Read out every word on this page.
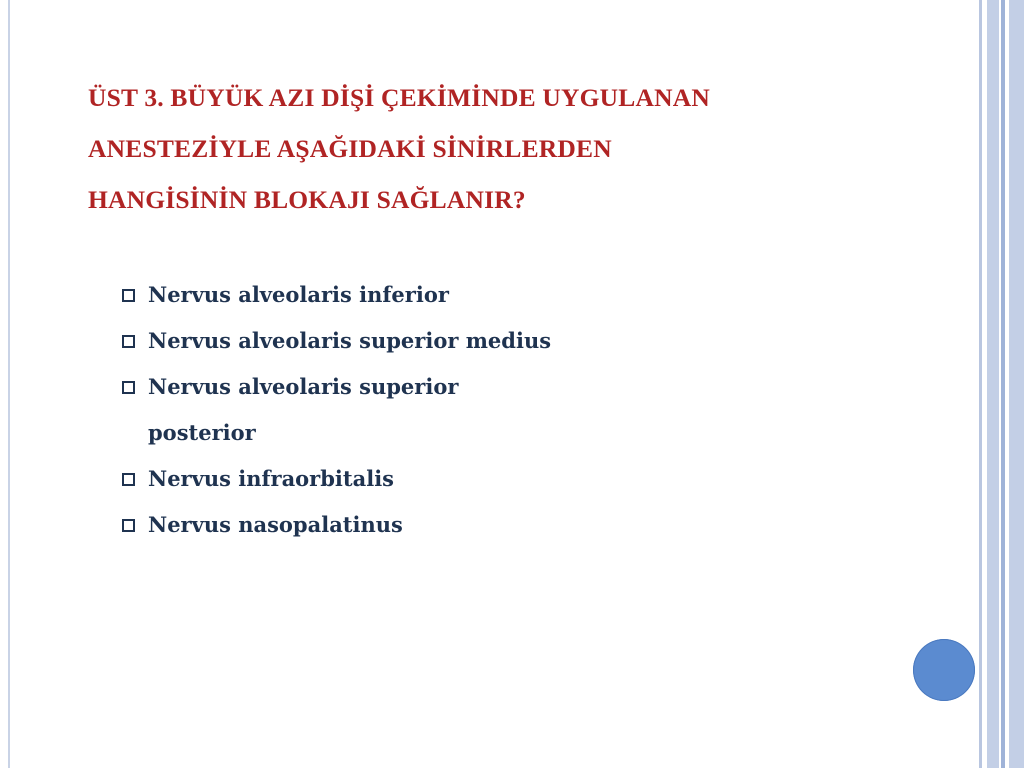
ÜST 3. BÜYÜK AZI DİŞİ ÇEKİMİNDE UYGULANAN
ANESTEZİYLE AŞAĞIDAKİ SİNİRLERDEN
HANGİSİNİN BLOKAJI SAĞLANIR?
Nervus alveolaris inferior
Nervus alveolaris superior medius
Nervus alveolaris superior posterior
Nervus infraorbitalis
Nervus nasopalatinus
